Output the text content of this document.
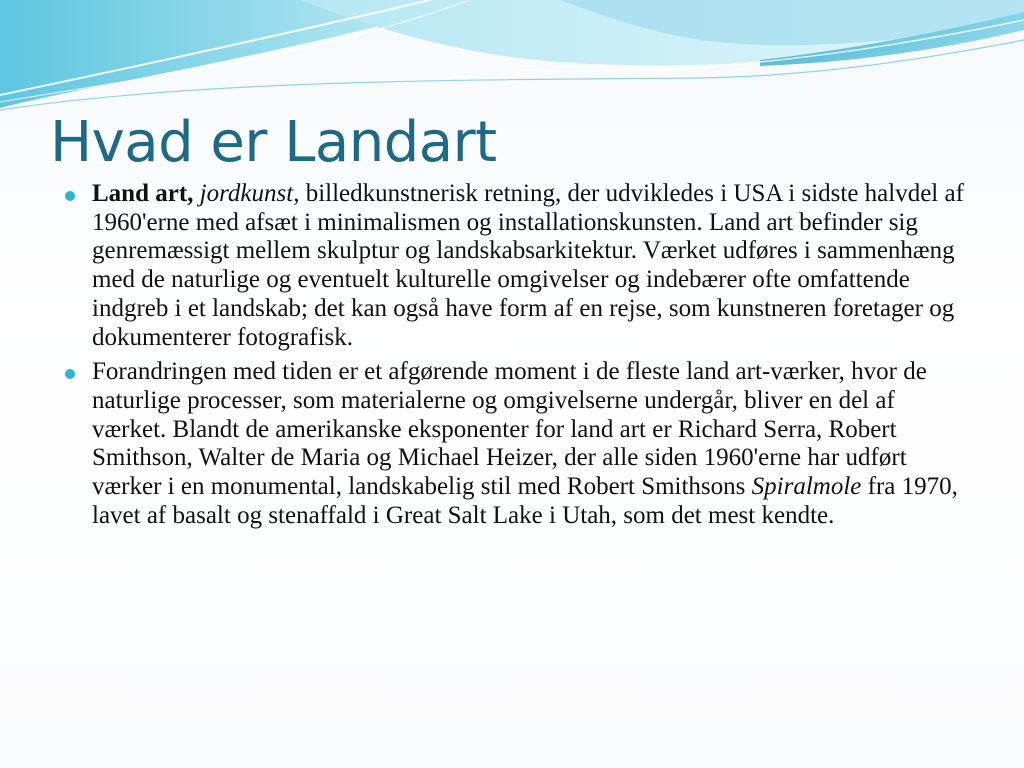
Hvad er Landart
Land art, jordkunst, billedkunstnerisk retning, der udvikledes i USA i sidste halvdel af 1960'erne med afsæt i minimalismen og installationskunsten. Land art befinder sig genremæssigt mellem skulptur og landskabsarkitektur. Værket udføres i sammenhæng med de naturlige og eventuelt kulturelle omgivelser og indebærer ofte omfattende indgreb i et landskab; det kan også have form af en rejse, som kunstneren foretager og dokumenterer fotografisk.
Forandringen med tiden er et afgørende moment i de fleste land art-værker, hvor de naturlige processer, som materialerne og omgivelserne undergår, bliver en del af værket. Blandt de amerikanske eksponenter for land art er Richard Serra, Robert Smithson, Walter de Maria og Michael Heizer, der alle siden 1960'erne har udført værker i en monumental, landskabelig stil med Robert Smithsons Spiralmole fra 1970, lavet af basalt og stenaffald i Great Salt Lake i Utah, som det mest kendte.
